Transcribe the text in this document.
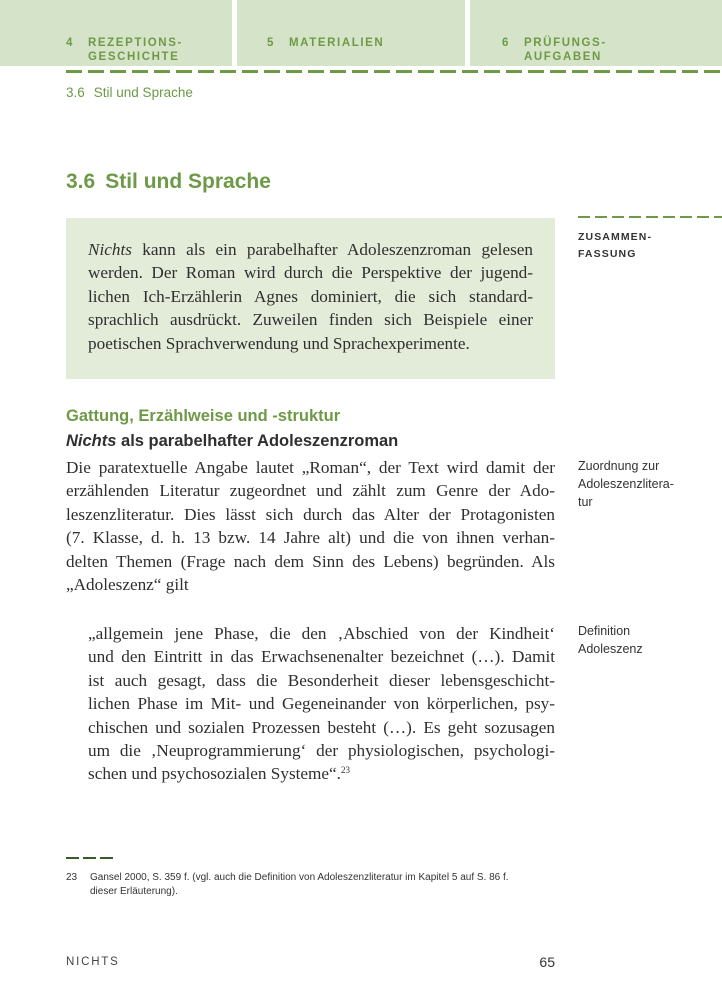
4 REZEPTIONS-
GESCHICHTE
5 MATERIALIEN	6 PRÜFUNGS-
AUFGABEN
3.6 Stil und Sprache
3.6 Stil und Sprache
Nichts kann als ein parabelhafter Adoleszenzroman gelesen
werden. Der Roman wird durch die Perspektive der jugend-
lichen Ich-Erzählerin Agnes dominiert, die sich standard-
sprachlich ausdrückt. Zuweilen finden sich Beispiele einer
poetischen Sprachverwendung und Sprachexperimente.
ZUSAMMEN-
FASSUNG
Gattung, Erzählweise und -struktur
Nichts als parabelhafter Adoleszenzroman
Zuordnung zur
Adoleszenzlitera-
tur
Die paratextuelle Angabe lautet „Roman“, der Text wird damit der
erzählenden Literatur zugeordnet und zählt zum Genre der Ado-
leszenzliteratur. Dies lässt sich durch das Alter der Protagonisten
(7. Klasse, d. h. 13 bzw. 14 Jahre alt) und die von ihnen verhan-
delten Themen (Frage nach dem Sinn des Lebens) begründen. Als
„Adoleszenz“ gilt
Definition
Adoleszenz
„allgemein jene Phase, die den ‚Abschied von der Kindheit‘
und den Eintritt in das Erwachsenenalter bezeichnet (…). Damit
ist auch gesagt, dass die Besonderheit dieser lebensgeschicht-
lichen Phase im Mit- und Gegeneinander von körperlichen, psy-
chischen und sozialen Prozessen besteht (…). Es geht sozusagen
um die ‚Neuprogrammierung‘ der physiologischen, psychologi-
schen und psychosozialen Systeme“.$^{23}$
23 Gansel 2000, S. 359 f. (vgl. auch die Definition von Adoleszenzliteratur im Kapitel 5 auf S. 86 f.
dieser Erläuterung).
NICHTS	65
